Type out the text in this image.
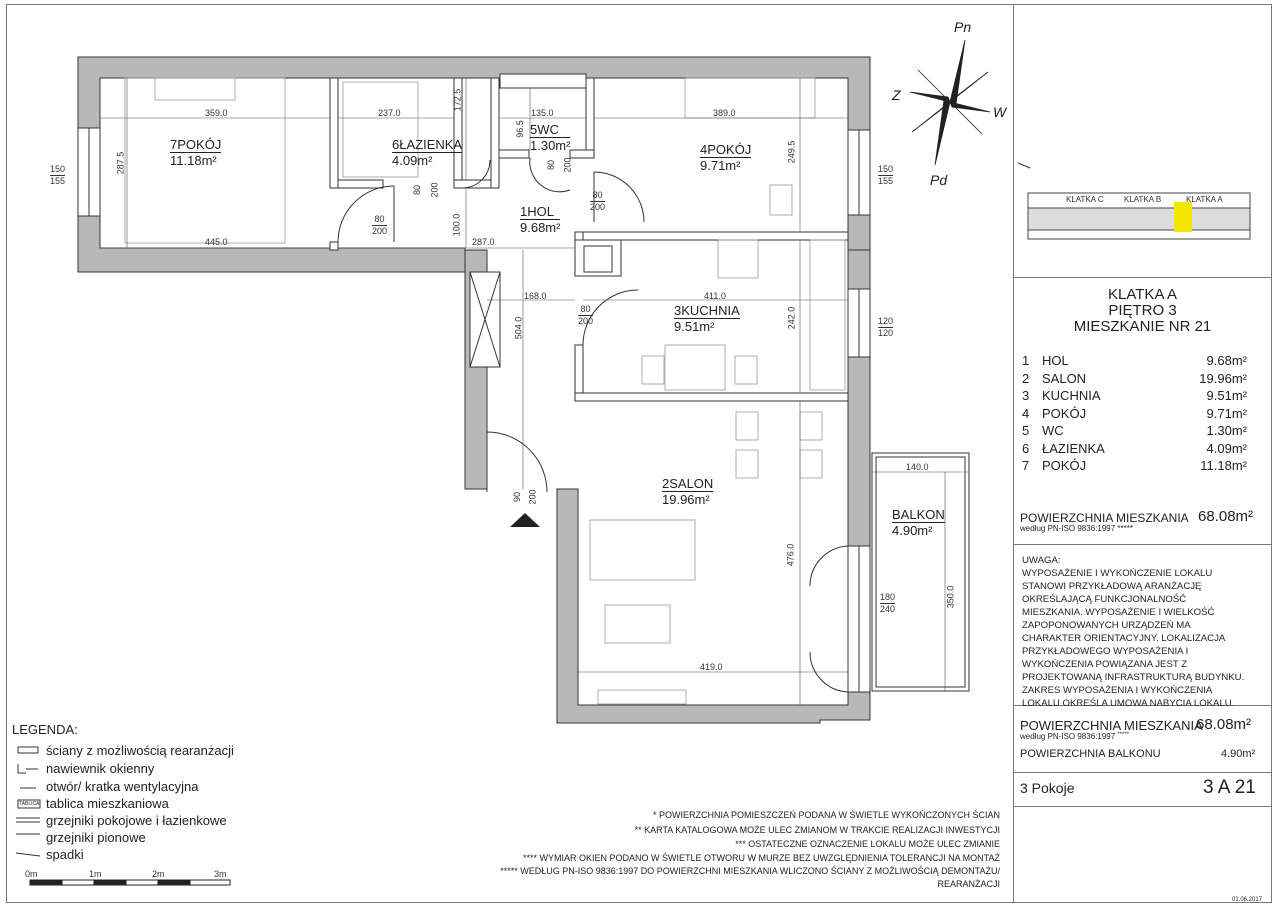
KLATKA C	KLATKA B	KLATKA A
Pn
Pd
W
Z
7POKÓJ
11.18m²
6ŁAZIENKA
4.09m²
5WC
1.30m²	4POKÓJ
9.71m²
1HOL
9.68m²
3KUCHNIA
9.51m²
2SALON
19.96m²
BALKON
4.90m²
359.0	237.0
172.5
135.0
96.5
389.0
287.5	249.5
445.0	287.0
100.0
168.0	411.0
242.0
504.0
140.0
476.0
350.0
419.0
150
155
150
155
120
120
180
240
80
200
80
200
80
200
80 200
80 200
90 200
KLATKA A
PIĘTRO 3
MIESZKANIE NR 21
1 HOL	9.68m²
2 SALON	19.96m²
3 KUCHNIA	9.51m²
4 POKÓJ	9.71m²
5 WC	1.30m²
6 ŁAZIENKA	4.09m²
7 POKÓJ	11.18m²
POWIERZCHNIA MIESZKANIA
według PN-ISO 9836:1997 *****
68.08m²
UWAGA:
WYPOSAŻENIE I WYKOŃCZENIE LOKALU STANOWI PRZYKŁADOWĄ ARANŻACJĘ OKREŚLAJĄCĄ FUNKCJONALNOŚĆ MIESZKANIA. WYPOSAŻENIE I WIELKOŚĆ ZAPOPONOWANYCH URZĄDZEŃ MA CHARAKTER ORIENTACYJNY. LOKALIZACJA PRZYKŁADOWEGO WYPOSAŻENIA I WYKOŃCZENIA POWIĄZANA JEST Z PROJEKTOWANĄ INFRASTRUKTURĄ BUDYNKU. ZAKRES WYPOSAŻENIA I WYKOŃCZENIA LOKALU OKREŚLA UMOWA NABYCIA LOKALU.
POWIERZCHNIA MIESZKANIA
68.08m²
według PN-ISO 9836:1997 *****
POWIERZCHNIA BALKONU	4.90m²
3 Pokoje	3 A 21
LEGENDA:
ściany z możliwością rearanżacji
nawiewnik okienny
otwór/ kratka wentylacyjna
tablica mieszkaniowa
grzejniki pokojowe i łazienkowe
grzejniki pionowe
spadki
TABLICA
0m	1m	2m	3m
* POWIERZCHNIA POMIESZCZEŃ PODANA W ŚWIETLE WYKOŃCZONYCH ŚCIAN
** KARTA KATALOGOWA MOŻE ULEC ZMIANOM W TRAKCIE REALIZACJI INWESTYCJI
*** OSTATECZNE OZNACZENIE LOKALU MOŻE ULEC ZMIANIE
**** WYMIAR OKIEN PODANO W ŚWIETLE OTWORU W MURZE BEZ UWZGLĘDNIENIA TOLERANCJI NA MONTAŻ
***** WEDŁUG PN-ISO 9836:1997 DO POWIERZCHNI MIESZKANIA WLICZONO ŚCIANY Z MOŻLIWOŚCIĄ DEMONTAŻU/
REARANŻACJI
01.06.2017
